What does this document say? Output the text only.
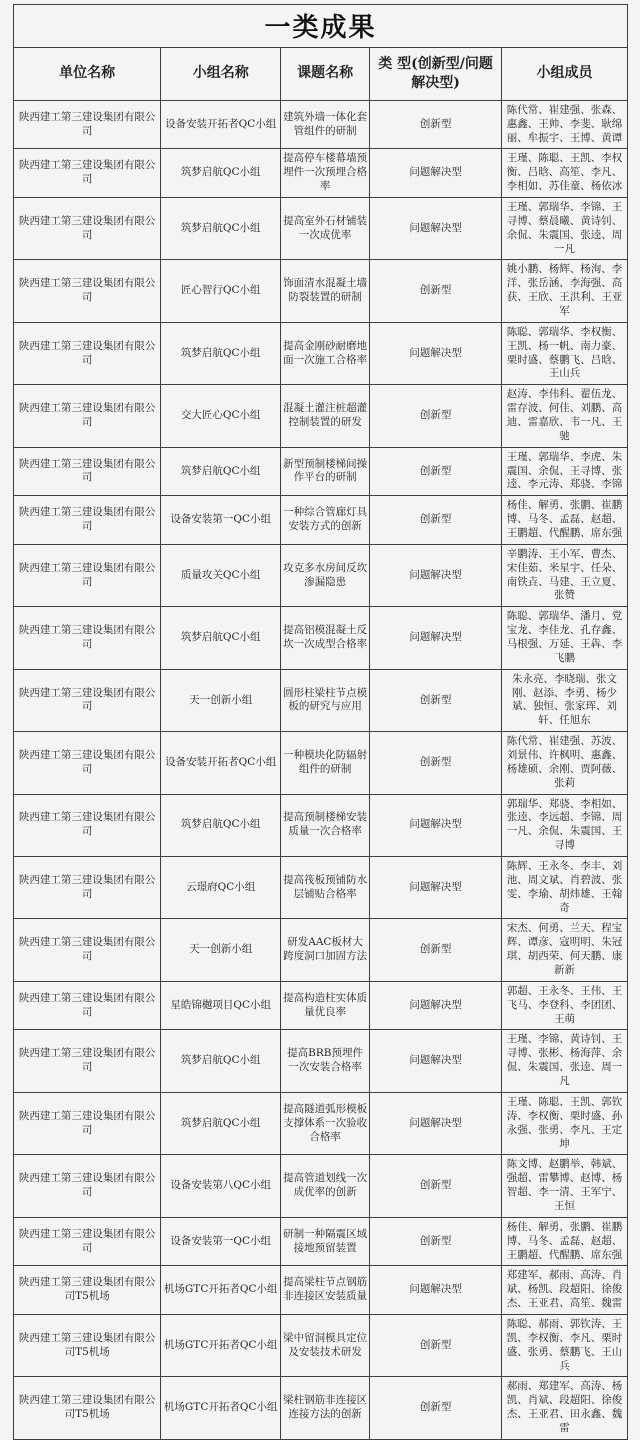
一类成果
单位名称	小组名称	课题名称	类 型(创新型/问题解决型)	小组成员
陕西建工第三建设集团有限公司	设备安装开拓者QC小组	建筑外墙一体化套管组件的研制	创新型	陈代常、崔建强、张森、惠鑫、王帅、李斐、耿绵丽、牟振宇、王博、黄谭
陕西建工第三建设集团有限公司	筑梦启航QC小组	提高停车楼幕墙预埋件一次预埋合格率	问题解决型	王瑾、陈聪、王凯、李权衡、吕晗、高笙、李凡、李相如、苏佳童、杨依冰
陕西建工第三建设集团有限公司	筑梦启航QC小组	提高室外石材铺装一次成优率	问题解决型	王瑾、郭瑞华、李锦、王寻博、蔡晨曦、黄诗钊、余侃、朱震国、张逵、周一凡
陕西建工第三建设集团有限公司	匠心智行QC小组	饰面清水混凝土墙防裂装置的研制	创新型	姚小鹏、杨辉、杨洵、李洋、张岳涵、李海强、高获、王欣、王洪利、王亚军
陕西建工第三建设集团有限公司	筑梦启航QC小组	提高金刚砂耐磨地面一次施工合格率	问题解决型	陈聪、郭瑞华、李权衡、王凯、杨一帆、南力豪、栗时盛、蔡鹏飞、吕晗、王山兵
陕西建工第三建设集团有限公司	交大匠心QC小组	混凝土灌注桩超灌控制装置的研发	创新型	赵涛、李伟科、翟伍龙、雷存波、何佳、刘鹏、高迪、雷嘉欣、韦一凡、王驰
陕西建工第三建设集团有限公司	筑梦启航QC小组	新型预制楼梯间操作平台的研制	创新型	王瑾、郭瑞华、李虎、朱震国、余侃、王寻博、张逵、李元涛、郑骁、李锦
陕西建工第三建设集团有限公司	设备安装第一QC小组	一种综合管廊灯具安装方式的创新	创新型	杨佳、解勇、张鹏、崔鹏博、马冬、孟磊、赵超、王鹏超、代醒鹏、席东强
陕西建工第三建设集团有限公司	质量攻关QC小组	攻克多水房间反坎渗漏隐患	问题解决型	辛鹏涛、王小军、曹杰、宋佳茹、米星宇、任朵、南铁垚、马建、王立夏、张赞
陕西建工第三建设集团有限公司	筑梦启航QC小组	提高铝模混凝土反坎一次成型合格率	问题解决型	陈聪、郭瑞华、潘月、党宝龙、李佳龙、孔存鑫、马根强、万延、王犇、李飞鹏
陕西建工第三建设集团有限公司	天一创新小组	圆形柱梁柱节点模板的研究与应用	创新型	朱永亮、李晓瑞、张文刚、赵添、李勇、杨少斌、独恒、张家珲、刘轩、任旭东
陕西建工第三建设集团有限公司	设备安装开拓者QC小组	一种模块化防辐射组件的研制	创新型	陈代常、崔建强、苏波、刘景伟、许枫明、惠鑫、杨雄硕、余刚、贾阿薇、张莉
陕西建工第三建设集团有限公司	筑梦启航QC小组	提高预制楼梯安装质量一次合格率	问题解决型	郭瑞华、郑骁、李相如、张逵、李远超、李锦、周一凡、余侃、朱震国、王寻博
陕西建工第三建设集团有限公司	云璟府QC小组	提高筏板预铺防水层铺贴合格率	问题解决型	陈辉、王永冬、李丰、刘池、周文斌、肖碧波、张雯、李瑜、胡炜雄、王翰奇
陕西建工第三建设集团有限公司	天一创新小组	研发AAC板材大跨度洞口加固方法	创新型	宋杰、何勇、兰天、程宝辉、谭彦、寇明明、朱冠琪、胡西荣、何天鹏、康新新
陕西建工第三建设集团有限公司	星皓锦樾项目QC小组	提高构造柱实体质量优良率	问题解决型	郭超、王永冬、王伟、王飞马、李登科、李团团、王萌
陕西建工第三建设集团有限公司	筑梦启航QC小组	提高BRB预埋件一次安装合格率	问题解决型	王瑾、李锦、黄诗钊、王寻博、张彬、杨海萍、余侃、朱震国、张逵、周一凡
陕西建工第三建设集团有限公司	筑梦启航QC小组	提高隧道弧形模板支撑体系一次验收合格率	问题解决型	王瑾、陈聪、王凯、郭钦涛、李权衡、栗时盛、孙永强、张勇、李凡、王定坤
陕西建工第三建设集团有限公司	设备安装第八QC小组	提高管道划线一次成优率的创新	创新型	陈文博、赵鹏举、韩斌、强超、雷攀博、赵博、杨智超、李一清、王军宁、王恒
陕西建工第三建设集团有限公司	设备安装第一QC小组	研制一种隔震区域接地预留装置	创新型	杨佳、解勇、张鹏、崔鹏博、马冬、孟磊、赵超、王鹏超、代醒鹏、席东强
陕西建工第三建设集团有限公司T5机场	机场GTC开拓者QC小组	提高梁柱节点钢筋非连接区安装质量	问题解决型	郑建军、郝雨、高涛、肖斌、杨凯、段超阳、徐俊杰、王亚君、高笙、魏雷
陕西建工第三建设集团有限公司T5机场	机场GTC开拓者QC小组	梁中留洞模具定位及安装技术研发	创新型	陈聪、郝雨、郭钦涛、王凯、李权衡、李凡、栗时盛、张勇、蔡鹏飞、王山兵
陕西建工第三建设集团有限公司T5机场	机场GTC开拓者QC小组	梁柱钢筋非连接区连接方法的创新	创新型	郝雨、郑建军、高涛、杨凯、肖斌、段超阳、徐俊杰、王亚君、田永鑫、魏雷
